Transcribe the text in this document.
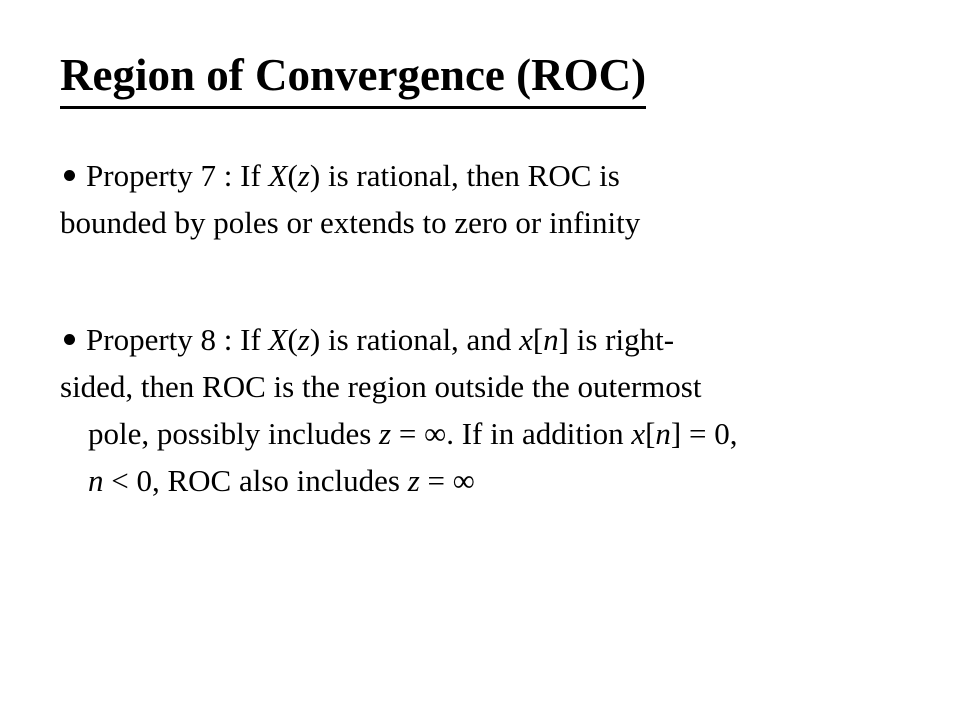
Region of Convergence (ROC)
Property 7 : If X(z) is rational, then ROC is
bounded by poles or extends to zero or infinity
Property 8 : If X(z) is rational, and x[n] is right-
sided, then ROC is the region outside the outermost
pole, possibly includes z = ∞. If in addition x[n] = 0,
n < 0, ROC also includes z = ∞
